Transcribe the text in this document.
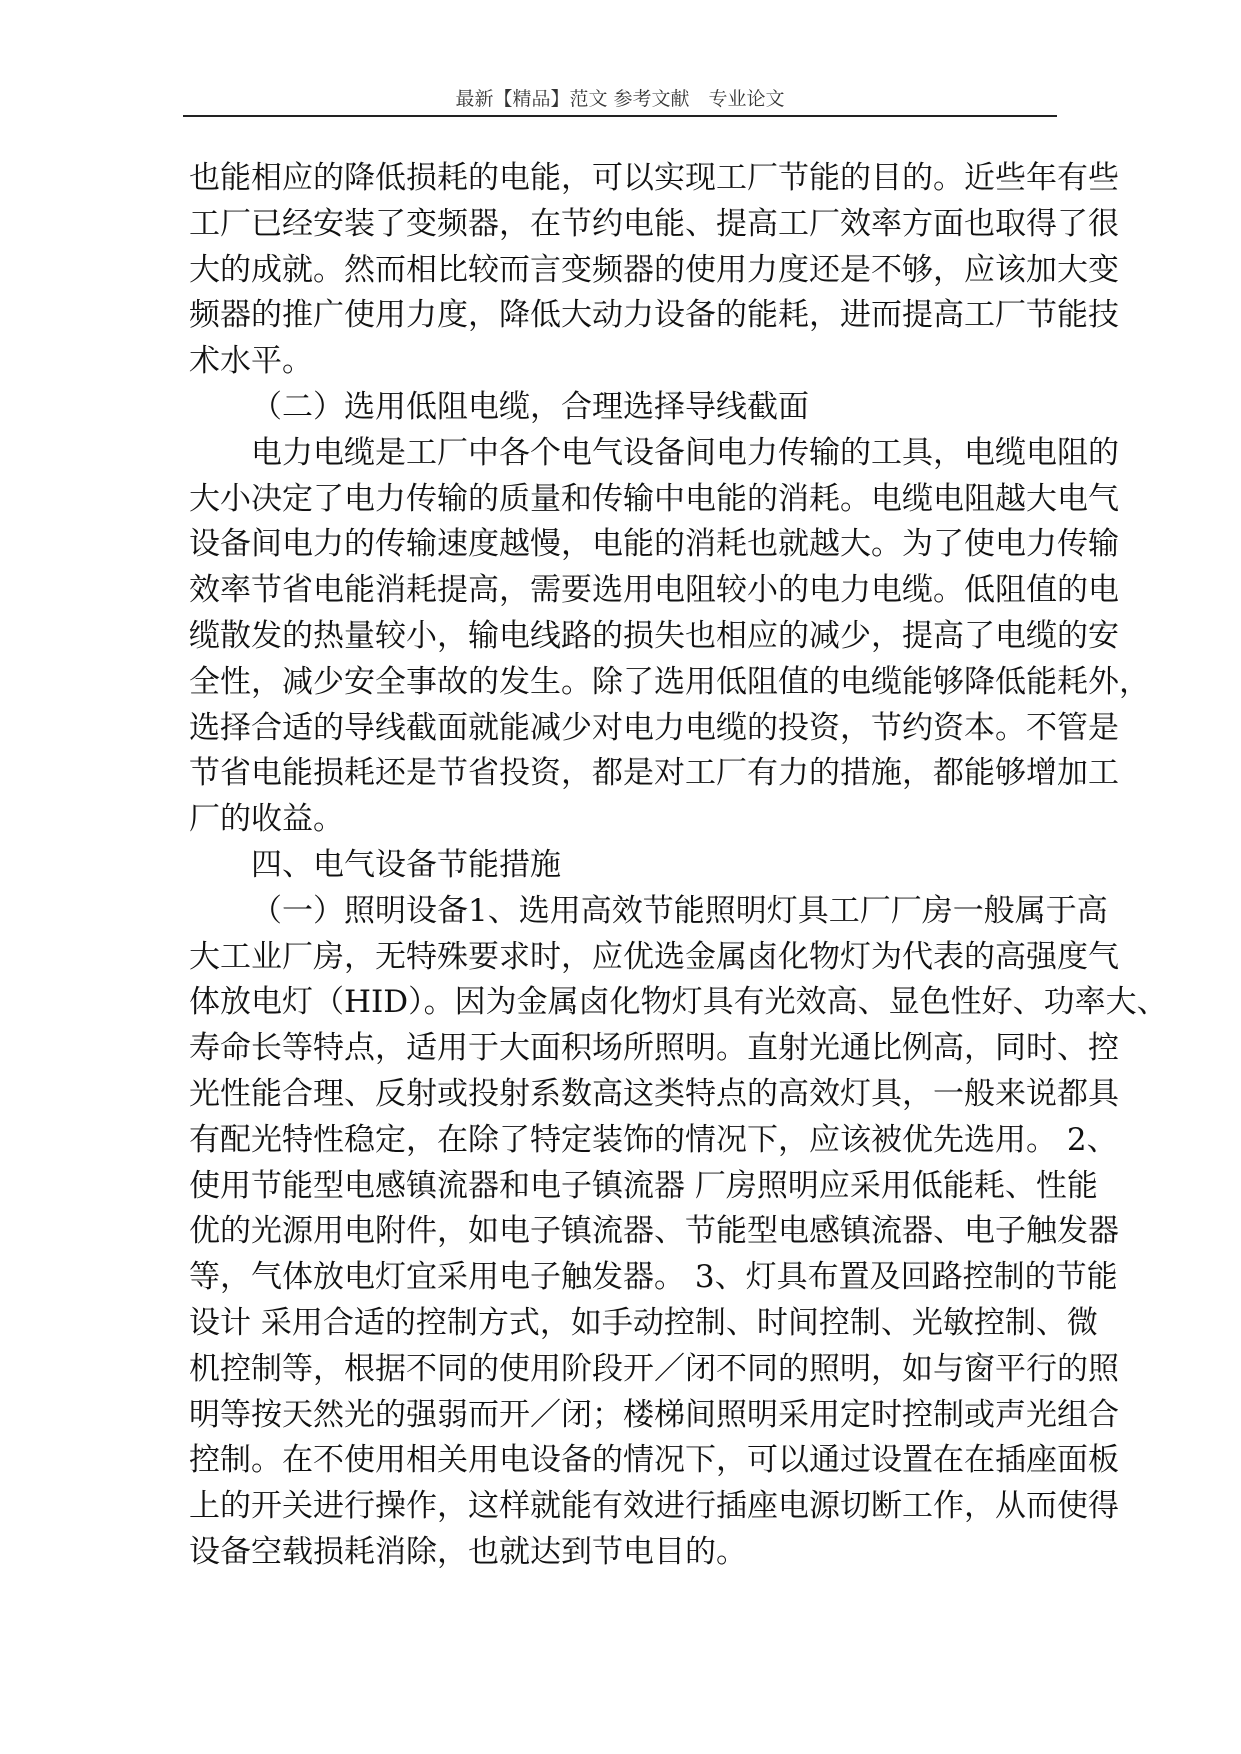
最新【精品】范文 参考文献　专业论文
也能相应的降低损耗的电能，可以实现工厂节能的目的。近些年有些
工厂已经安装了变频器，在节约电能、提高工厂效率方面也取得了很
大的成就。然而相比较而言变频器的使用力度还是不够，应该加大变
频器的推广使用力度，降低大动力设备的能耗，进而提高工厂节能技
术水平。
（二）选用低阻电缆，合理选择导线截面
电力电缆是工厂中各个电气设备间电力传输的工具，电缆电阻的
大小决定了电力传输的质量和传输中电能的消耗。电缆电阻越大电气
设备间电力的传输速度越慢，电能的消耗也就越大。为了使电力传输
效率节省电能消耗提高，需要选用电阻较小的电力电缆。低阻值的电
缆散发的热量较小，输电线路的损失也相应的减少，提高了电缆的安
全性，减少安全事故的发生。除了选用低阻值的电缆能够降低能耗外，
选择合适的导线截面就能减少对电力电缆的投资，节约资本。不管是
节省电能损耗还是节省投资，都是对工厂有力的措施，都能够增加工
厂的收益。
四、电气设备节能措施
（一）照明设备1、选用高效节能照明灯具工厂厂房一般属于高
大工业厂房，无特殊要求时，应优选金属卤化物灯为代表的高强度气
体放电灯（HID）。因为金属卤化物灯具有光效高、显色性好、功率大、
寿命长等特点，适用于大面积场所照明。直射光通比例高，同时、控
光性能合理、反射或投射系数高这类特点的高效灯具，一般来说都具
有配光特性稳定，在除了特定装饰的情况下，应该被优先选用。 2、
使用节能型电感镇流器和电子镇流器 厂房照明应采用低能耗、性能
优的光源用电附件，如电子镇流器、节能型电感镇流器、电子触发器
等，气体放电灯宜采用电子触发器。 3、灯具布置及回路控制的节能
设计 采用合适的控制方式，如手动控制、时间控制、光敏控制、微
机控制等，根据不同的使用阶段开／闭不同的照明，如与窗平行的照
明等按天然光的强弱而开／闭；楼梯间照明采用定时控制或声光组合
控制。在不使用相关用电设备的情况下，可以通过设置在在插座面板
上的开关进行操作，这样就能有效进行插座电源切断工作，从而使得
设备空载损耗消除，也就达到节电目的。
